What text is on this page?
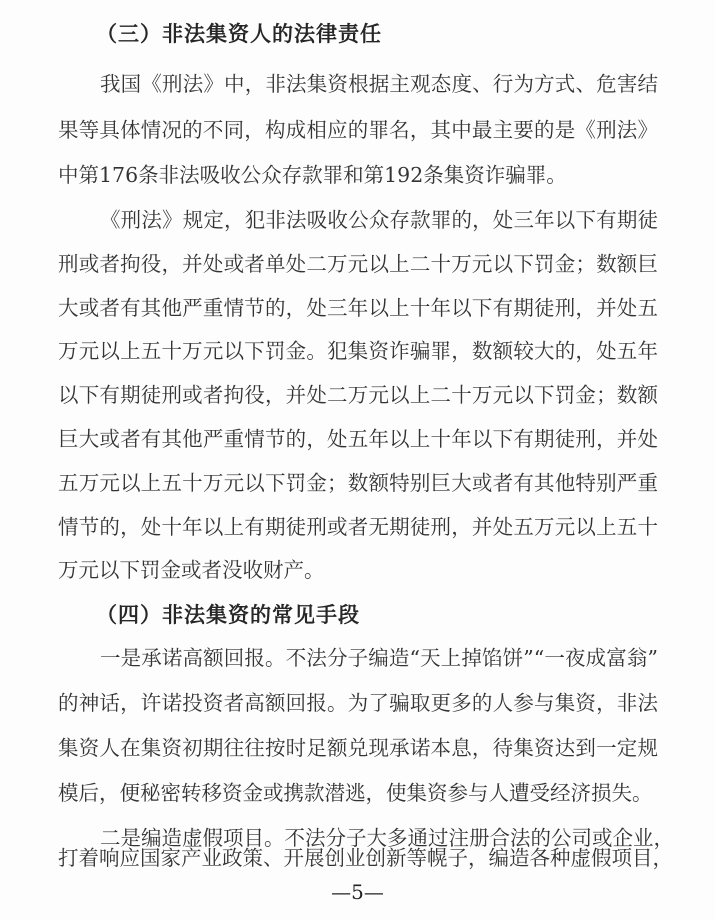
（三）非法集资人的法律责任
我国《刑法》中，非法集资根据主观态度、行为方式、危害结
果等具体情况的不同，构成相应的罪名，其中最主要的是《刑法》
中第176条非法吸收公众存款罪和第192条集资诈骗罪。
《刑法》规定，犯非法吸收公众存款罪的，处三年以下有期徒
刑或者拘役，并处或者单处二万元以上二十万元以下罚金；数额巨
大或者有其他严重情节的，处三年以上十年以下有期徒刑，并处五
万元以上五十万元以下罚金。犯集资诈骗罪，数额较大的，处五年
以下有期徒刑或者拘役，并处二万元以上二十万元以下罚金；数额
巨大或者有其他严重情节的，处五年以上十年以下有期徒刑，并处
五万元以上五十万元以下罚金；数额特别巨大或者有其他特别严重
情节的，处十年以上有期徒刑或者无期徒刑，并处五万元以上五十
万元以下罚金或者没收财产。
（四）非法集资的常见手段
一是承诺高额回报。不法分子编造“天上掉馅饼”“一夜成富翁”
的神话，许诺投资者高额回报。为了骗取更多的人参与集资，非法
集资人在集资初期往往按时足额兑现承诺本息，待集资达到一定规
模后，便秘密转移资金或携款潜逃，使集资参与人遭受经济损失。
二是编造虚假项目。不法分子大多通过注册合法的公司或企业，
打着响应国家产业政策、开展创业创新等幌子，编造各种虚假项目，
—5—
